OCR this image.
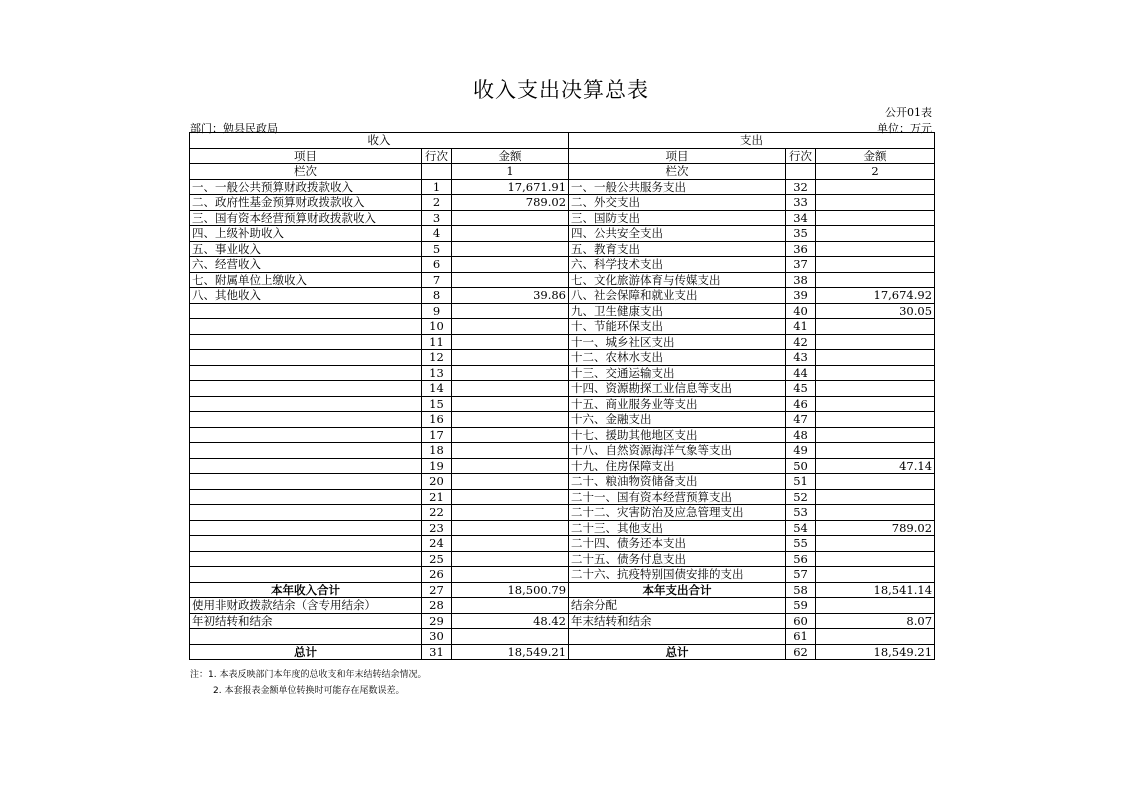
收入支出决算总表
公开01表
部门：勉县民政局	单位：万元
收入			支出		
项目	行次	金额	项目	行次	金额
栏次		1	栏次		2
一、一般公共预算财政拨款收入	1	17,671.91	一、一般公共服务支出	32	
二、政府性基金预算财政拨款收入	2	789.02	二、外交支出	33	
三、国有资本经营预算财政拨款收入	3		三、国防支出	34	
四、上级补助收入	4		四、公共安全支出	35	
五、事业收入	5		五、教育支出	36	
六、经营收入	6		六、科学技术支出	37	
七、附属单位上缴收入	7		七、文化旅游体育与传媒支出	38	
八、其他收入	8	39.86	八、社会保障和就业支出	39	17,674.92
	9		九、卫生健康支出	40	30.05
	10		十、节能环保支出	41	
	11		十一、城乡社区支出	42	
	12		十二、农林水支出	43	
	13		十三、交通运输支出	44	
	14		十四、资源勘探工业信息等支出	45	
	15		十五、商业服务业等支出	46	
	16		十六、金融支出	47	
	17		十七、援助其他地区支出	48	
	18		十八、自然资源海洋气象等支出	49	
	19		十九、住房保障支出	50	47.14
	20		二十、粮油物资储备支出	51	
	21		二十一、国有资本经营预算支出	52	
	22		二十二、灾害防治及应急管理支出	53	
	23		二十三、其他支出	54	789.02
	24		二十四、债务还本支出	55	
	25		二十五、债务付息支出	56	
	26		二十六、抗疫特别国债安排的支出	57	
本年收入合计	27	18,500.79	本年支出合计	58	18,541.14
使用非财政拨款结余（含专用结余）	28		结余分配	59	
年初结转和结余	29	48.42	年末结转和结余	60	8.07
	30			61	
总计	31	18,549.21	总计	62	18,549.21
注：1. 本表反映部门本年度的总收支和年末结转结余情况。
2. 本套报表金额单位转换时可能存在尾数误差。
